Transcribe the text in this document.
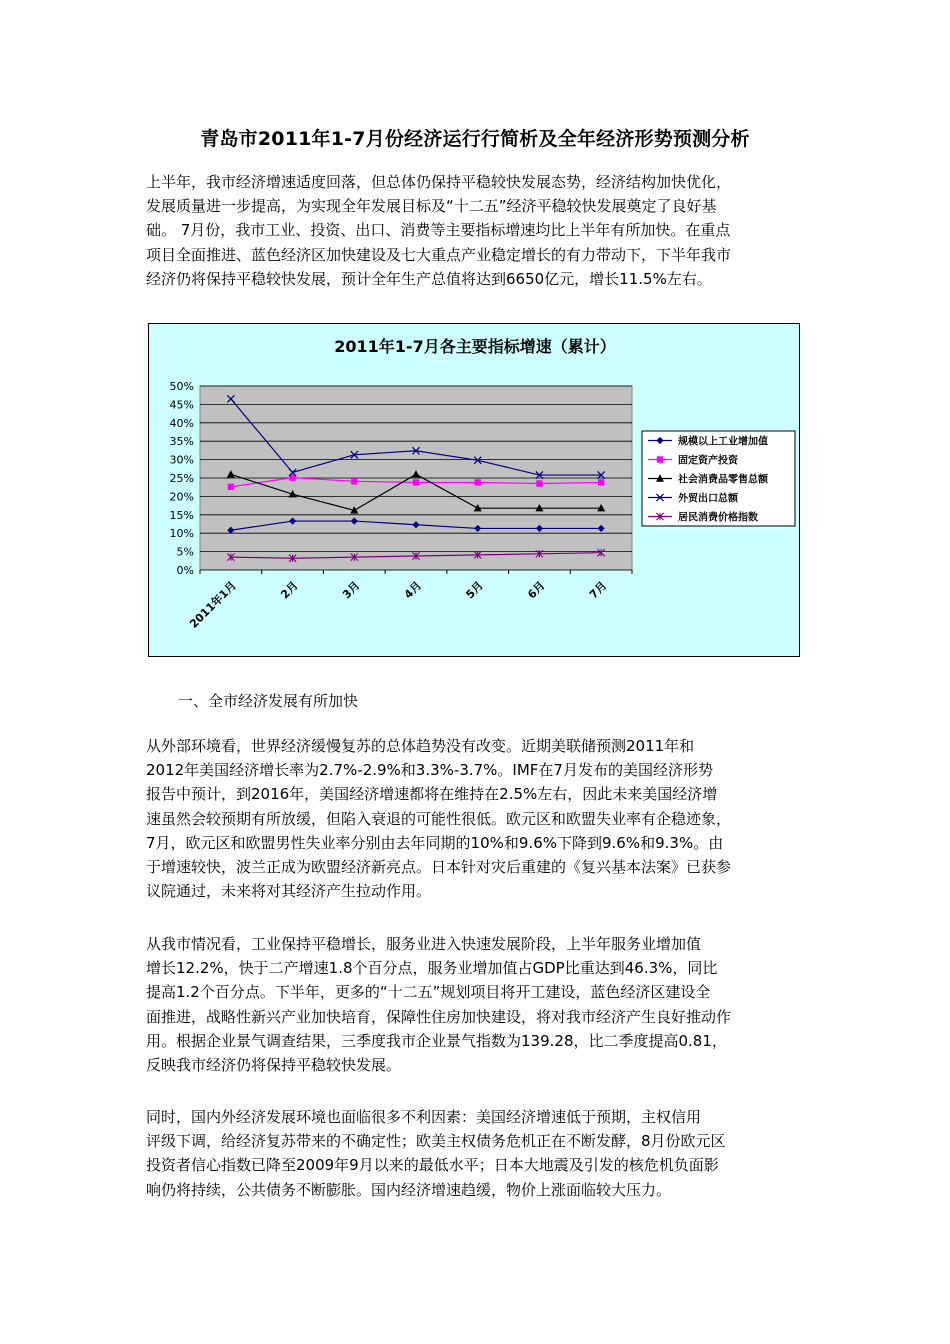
青岛市2011年1-7月份经济运行行简析及全年经济形势预测分析

上半年，我市经济增速适度回落，但总体仍保持平稳较快发展态势，经济结构加快优化，
发展质量进一步提高，为实现全年发展目标及“十二五”经济平稳较快发展奠定了良好基
础。 7月份，我市工业、投资、出口、消费等主要指标增速均比上半年有所加快。在重点
项目全面推进、蓝色经济区加快建设及七大重点产业稳定增长的有力带动下，下半年我市
经济仍将保持平稳较快发展，预计全年生产总值将达到6650亿元，增长11.5%左右。

2011年1-7月各主要指标增速（累计）
0%
5%
10%
15%
20%
25%
30%
35%
40%
45%
50%
2011年1月	2月	3月	4月	5月	6月	7月
规模以上工业增加值
固定资产投资
社会消费品零售总额
外贸出口总额
居民消费价格指数

一、全市经济发展有所加快

从外部环境看，世界经济缓慢复苏的总体趋势没有改变。近期美联储预测2011年和
2012年美国经济增长率为2.7%-2.9%和3.3%-3.7%。IMF在7月发布的美国经济形势
报告中预计，到2016年，美国经济增速都将在维持在2.5%左右，因此未来美国经济增
速虽然会较预期有所放缓，但陷入衰退的可能性很低。欧元区和欧盟失业率有企稳迹象，
7月，欧元区和欧盟男性失业率分别由去年同期的10%和9.6%下降到9.6%和9.3%。由
于增速较快，波兰正成为欧盟经济新亮点。日本针对灾后重建的《复兴基本法案》已获参
议院通过，未来将对其经济产生拉动作用。

从我市情况看，工业保持平稳增长，服务业进入快速发展阶段，上半年服务业增加值
增长12.2%，快于二产增速1.8个百分点，服务业增加值占GDP比重达到46.3%，同比
提高1.2个百分点。下半年，更多的“十二五”规划项目将开工建设，蓝色经济区建设全
面推进，战略性新兴产业加快培育，保障性住房加快建设，将对我市经济产生良好推动作
用。根据企业景气调查结果，三季度我市企业景气指数为139.28，比二季度提高0.81，
反映我市经济仍将保持平稳较快发展。

同时，国内外经济发展环境也面临很多不利因素：美国经济增速低于预期，主权信用
评级下调，给经济复苏带来的不确定性；欧美主权债务危机正在不断发酵，8月份欧元区
投资者信心指数已降至2009年9月以来的最低水平；日本大地震及引发的核危机负面影
响仍将持续，公共债务不断膨胀。国内经济增速趋缓，物价上涨面临较大压力。
